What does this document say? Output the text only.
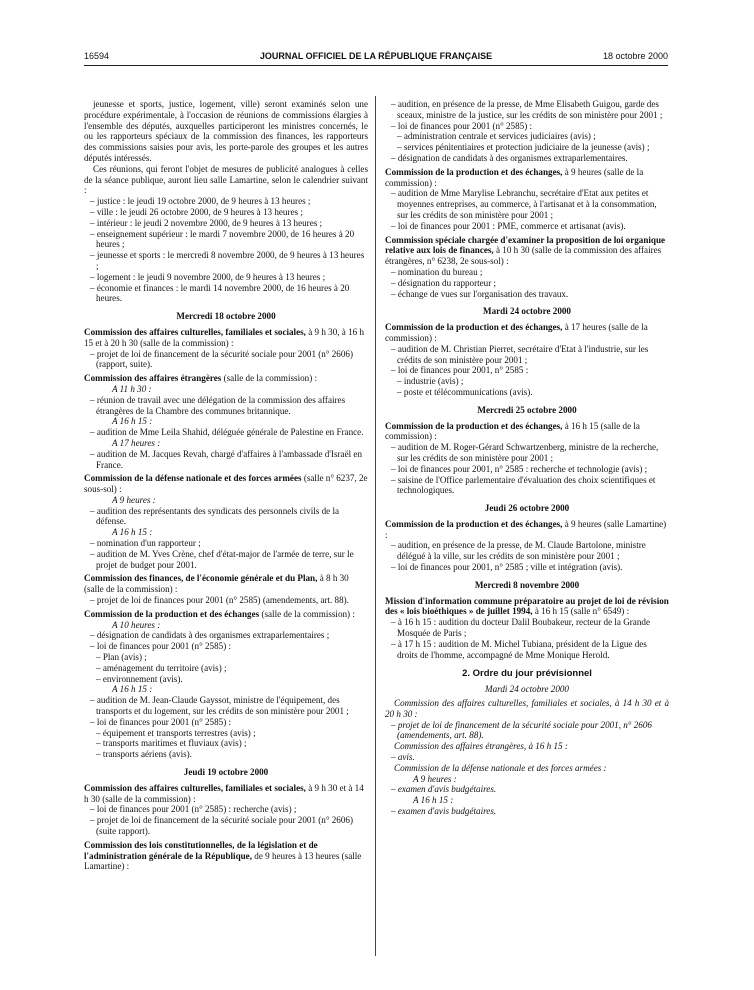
16594	JOURNAL OFFICIEL DE LA RÉPUBLIQUE FRANÇAISE	18 octobre 2000

jeunesse et sports, justice, logement, ville) seront examinés selon une procédure expérimentale, à l'occasion de réunions de commissions élargies à l'ensemble des députés, auxquelles participeront les ministres concernés, le ou les rapporteurs spéciaux de la commission des finances, les rapporteurs des commissions saisies pour avis, les porte-parole des groupes et les autres députés intéressés.

Ces réunions, qui feront l'objet de mesures de publicité analogues à celles de la séance publique, auront lieu salle Lamartine, selon le calendrier suivant :

– justice : le jeudi 19 octobre 2000, de 9 heures à 13 heures ;

– ville : le jeudi 26 octobre 2000, de 9 heures à 13 heures ;

– intérieur : le jeudi 2 novembre 2000, de 9 heures à 13 heures ;

– enseignement supérieur : le mardi 7 novembre 2000, de 16 heures à 20 heures ;

– jeunesse et sports : le mercredi 8 novembre 2000, de 9 heures à 13 heures ;

– logement : le jeudi 9 novembre 2000, de 9 heures à 13 heures ;

– économie et finances : le mardi 14 novembre 2000, de 16 heures à 20 heures.

Mercredi 18 octobre 2000

Commission des affaires culturelles, familiales et sociales, à 9 h 30, à 16 h 15 et à 20 h 30 (salle de la commission) :

– projet de loi de financement de la sécurité sociale pour 2001 (n° 2606) (rapport, suite).

Commission des affaires étrangères (salle de la commission) :

A 11 h 30 :

– réunion de travail avec une délégation de la commission des affaires étrangères de la Chambre des communes britannique.

A 16 h 15 :

– audition de Mme Leila Shahid, déléguée générale de Palestine en France.

A 17 heures :

– audition de M. Jacques Revah, chargé d'affaires à l'ambassade d'Israël en France.

Commission de la défense nationale et des forces armées (salle n° 6237, 2e sous-sol) :

A 9 heures :

– audition des représentants des syndicats des personnels civils de la défense.

A 16 h 15 :

– nomination d'un rapporteur ;

– audition de M. Yves Crène, chef d'état-major de l'armée de terre, sur le projet de budget pour 2001.

Commission des finances, de l'économie générale et du Plan, à 8 h 30 (salle de la commission) :

– projet de loi de finances pour 2001 (n° 2585) (amendements, art. 88).

Commission de la production et des échanges (salle de la commission) :

A 10 heures :

– désignation de candidats à des organismes extraparlementaires ;

– loi de finances pour 2001 (n° 2585) :

– Plan (avis) ;

– aménagement du territoire (avis) ;

– environnement (avis).

A 16 h 15 :

– audition de M. Jean-Claude Gayssot, ministre de l'équipement, des transports et du logement, sur les crédits de son ministère pour 2001 ;

– loi de finances pour 2001 (n° 2585) :

– équipement et transports terrestres (avis) ;

– transports maritimes et fluviaux (avis) ;

– transports aériens (avis).

Jeudi 19 octobre 2000

Commission des affaires culturelles, familiales et sociales, à 9 h 30 et à 14 h 30 (salle de la commission) :

– loi de finances pour 2001 (n° 2585) : recherche (avis) ;

– projet de loi de financement de la sécurité sociale pour 2001 (n° 2606) (suite rapport).

Commission des lois constitutionnelles, de la législation et de l'administration générale de la République, de 9 heures à 13 heures (salle Lamartine) :

– audition, en présence de la presse, de Mme Elisabeth Guigou, garde des sceaux, ministre de la justice, sur les crédits de son ministère pour 2001 ;

– loi de finances pour 2001 (n° 2585) :

– administration centrale et services judiciaires (avis) ;

– services pénitentiaires et protection judiciaire de la jeunesse (avis) ;

– désignation de candidats à des organismes extraparlementaires.

Commission de la production et des échanges, à 9 heures (salle de la commission) :

– audition de Mme Marylise Lebranchu, secrétaire d'Etat aux petites et moyennes entreprises, au commerce, à l'artisanat et à la consommation, sur les crédits de son ministère pour 2001 ;

– loi de finances pour 2001 : PME, commerce et artisanat (avis).

Commission spéciale chargée d'examiner la proposition de loi organique relative aux lois de finances, à 10 h 30 (salle de la commission des affaires étrangères, n° 6238, 2e sous-sol) :

– nomination du bureau ;

– désignation du rapporteur ;

– échange de vues sur l'organisation des travaux.

Mardi 24 octobre 2000

Commission de la production et des échanges, à 17 heures (salle de la commission) :

– audition de M. Christian Pierret, secrétaire d'Etat à l'industrie, sur les crédits de son ministère pour 2001 ;

– loi de finances pour 2001, n° 2585 :

– industrie (avis) ;

– poste et télécommunications (avis).

Mercredi 25 octobre 2000

Commission de la production et des échanges, à 16 h 15 (salle de la commission) :

– audition de M. Roger-Gérard Schwartzenberg, ministre de la recherche, sur les crédits de son ministère pour 2001 ;

– loi de finances pour 2001, n° 2585 : recherche et technologie (avis) ;

– saisine de l'Office parlementaire d'évaluation des choix scientifiques et technologiques.

Jeudi 26 octobre 2000

Commission de la production et des échanges, à 9 heures (salle Lamartine) :

– audition, en présence de la presse, de M. Claude Bartolone, ministre délégué à la ville, sur les crédits de son ministère pour 2001 ;

– loi de finances pour 2001, n° 2585 ; ville et intégration (avis).

Mercredi 8 novembre 2000

Mission d'information commune préparatoire au projet de loi de révision des « lois bioéthiques » de juillet 1994, à 16 h 15 (salle n° 6549) :

– à 16 h 15 : audition du docteur Dalil Boubakeur, recteur de la Grande Mosquée de Paris ;

– à 17 h 15 : audition de M. Michel Tubiana, président de la Ligue des droits de l'homme, accompagné de Mme Monique Herold.

2. Ordre du jour prévisionnel

Mardi 24 octobre 2000

Commission des affaires culturelles, familiales et sociales, à 14 h 30 et à 20 h 30 :

– projet de loi de financement de la sécurité sociale pour 2001, n° 2606 (amendements, art. 88).

Commission des affaires étrangères, à 16 h 15 :

– avis.

Commission de la défense nationale et des forces armées :

A 9 heures :

– examen d'avis budgétaires.

A 16 h 15 :

– examen d'avis budgétaires.
